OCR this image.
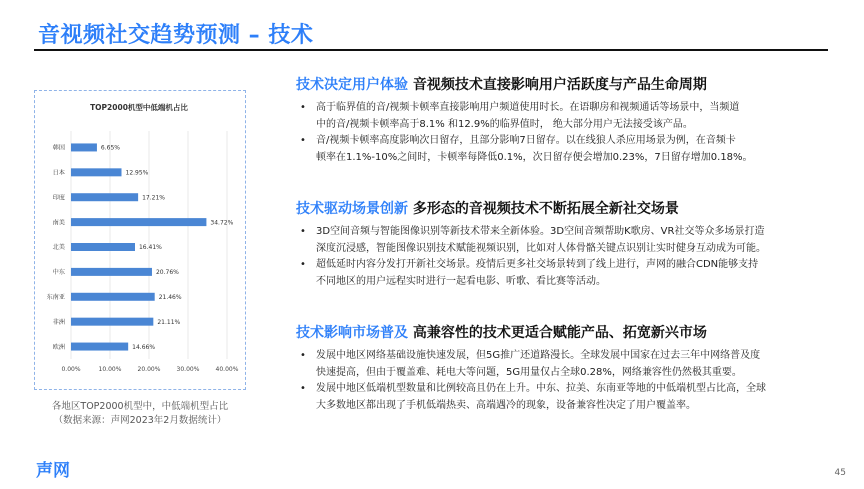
音视频社交趋势预测 – 技术
TOP2000机型中低端机占比
0.00%	10.00%	20.00%	30.00%	40.00%
韩国	6.65%
日本	12.95%
印度	17.21%
南美	34.72%
北美	16.41%
中东	20.76%
东南亚	21.46%
非洲	21.11%
欧洲	14.66%
各地区TOP2000机型中，中低端机型占比
（数据来源：声网2023年2月数据统计）
技术决定用户体验 音视频技术直接影响用户活跃度与产品生命周期
• 高于临界值的音/视频卡顿率直接影响用户频道使用时长。在语聊房和视频通话等场景中，当频道
中的音/视频卡顿率高于8.1% 和12.9%的临界值时， 绝大部分用户无法接受该产品。
• 音/视频卡顿率高度影响次日留存，且部分影响7日留存。以在线狼人杀应用场景为例，在音频卡
顿率在1.1%-10%之间时，卡顿率每降低0.1%，次日留存便会增加0.23%，7日留存增加0.18%。
技术驱动场景创新 多形态的音视频技术不断拓展全新社交场景
• 3D空间音频与智能图像识别等新技术带来全新体验。3D空间音频帮助K歌房、VR社交等众多场景打造
深度沉浸感，智能图像识别技术赋能视频识别，比如对人体骨骼关键点识别让实时健身互动成为可能。
• 超低延时内容分发打开新社交场景。疫情后更多社交场景转到了线上进行，声网的融合CDN能够支持
不同地区的用户远程实时进行一起看电影、听歌、看比赛等活动。
技术影响市场普及 高兼容性的技术更适合赋能产品、拓宽新兴市场
• 发展中地区网络基础设施快速发展，但5G推广还道路漫长。全球发展中国家在过去三年中网络普及度
快速提高，但由于覆盖难、耗电大等问题，5G用量仅占全球0.28%，网络兼容性仍然极其重要。
• 发展中地区低端机型数量和比例较高且仍在上升。中东、拉美、东南亚等地的中低端机型占比高，全球
大多数地区都出现了手机低端热卖、高端遇冷的现象，设备兼容性决定了用户覆盖率。
声网	45
